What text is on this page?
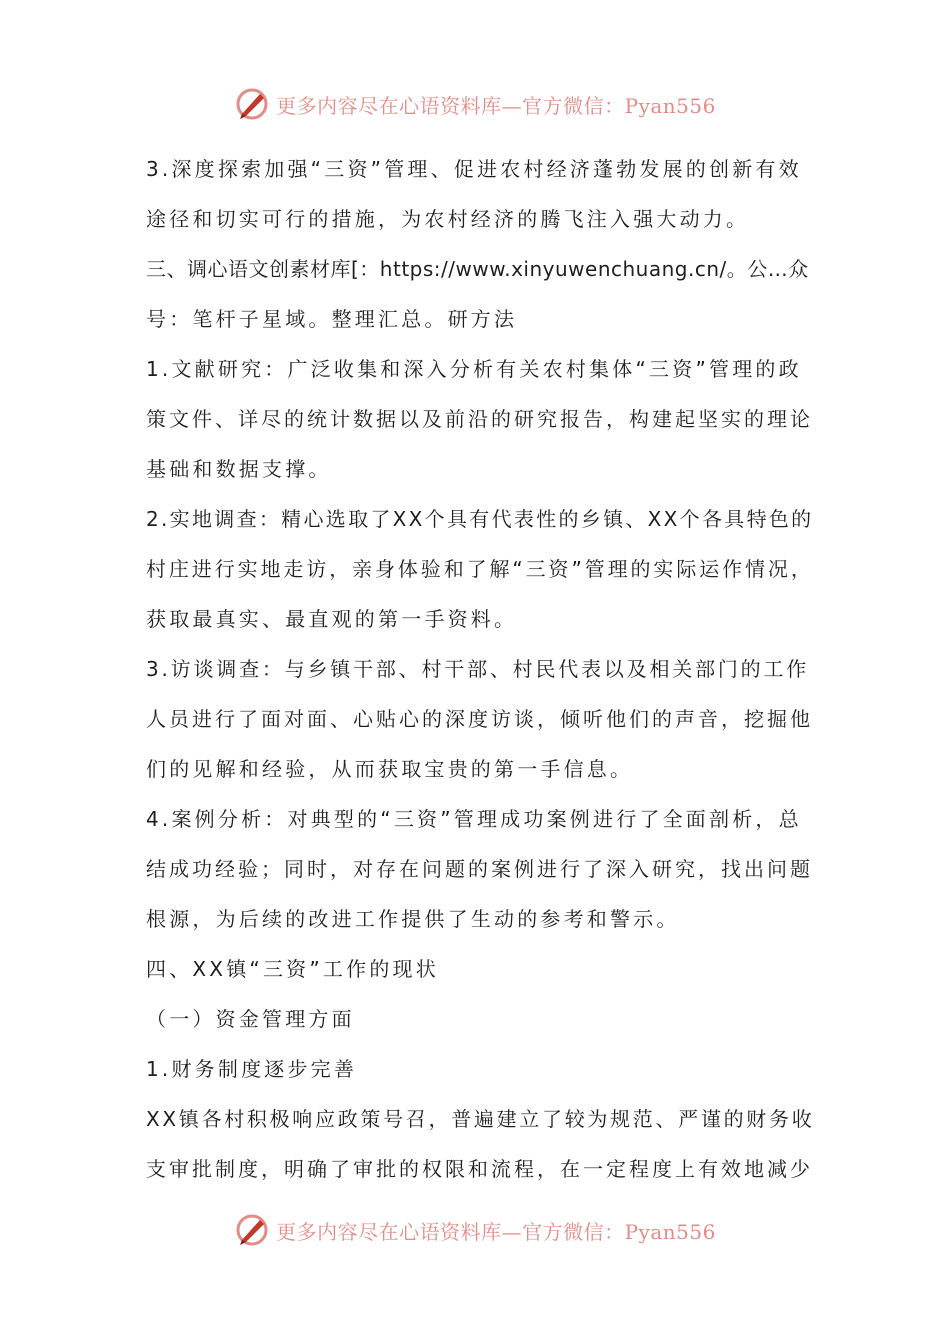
更多内容尽在心语资料库—官方微信：Pyan556
3.深度探索加强“三资”管理、促进农村经济蓬勃发展的创新有效
途径和切实可行的措施，为农村经济的腾飞注入强大动力。
三、调心语文创素材库[：https://www.xinyuwenchuang.cn/。公…众
号：笔杆子星域。整理汇总。研方法
1.文献研究：广泛收集和深入分析有关农村集体“三资”管理的政
策文件、详尽的统计数据以及前沿的研究报告，构建起坚实的理论
基础和数据支撑。
2.实地调查：精心选取了XX个具有代表性的乡镇、XX个各具特色的
村庄进行实地走访，亲身体验和了解“三资”管理的实际运作情况，
获取最真实、最直观的第一手资料。
3.访谈调查：与乡镇干部、村干部、村民代表以及相关部门的工作
人员进行了面对面、心贴心的深度访谈，倾听他们的声音，挖掘他
们的见解和经验，从而获取宝贵的第一手信息。
4.案例分析：对典型的“三资”管理成功案例进行了全面剖析，总
结成功经验；同时，对存在问题的案例进行了深入研究，找出问题
根源，为后续的改进工作提供了生动的参考和警示。
四、XX镇“三资”工作的现状
（一）资金管理方面
1.财务制度逐步完善
XX镇各村积极响应政策号召，普遍建立了较为规范、严谨的财务收
支审批制度，明确了审批的权限和流程，在一定程度上有效地减少
更多内容尽在心语资料库—官方微信：Pyan556
